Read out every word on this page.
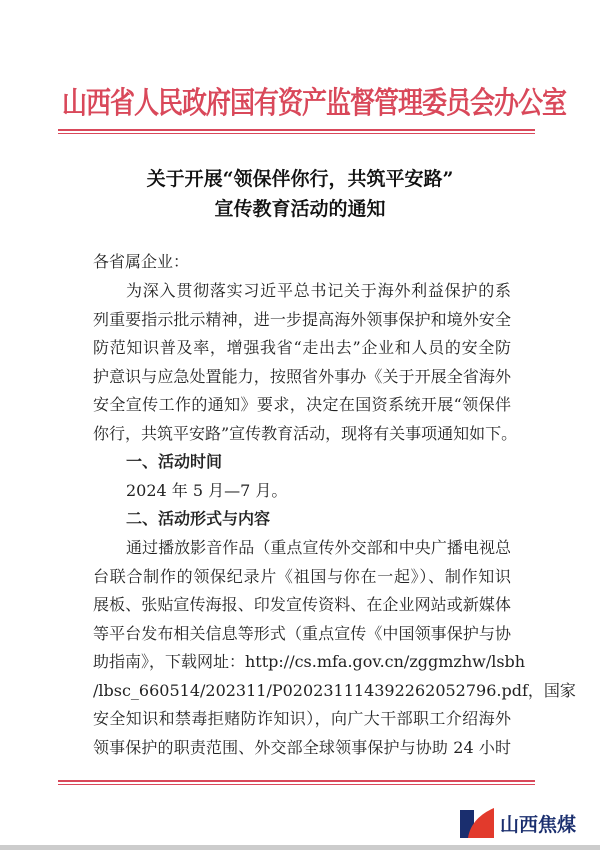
山西省人民政府国有资产监督管理委员会办公室
关于开展“领保伴你行，共筑平安路”
宣传教育活动的通知
各省属企业：
为深入贯彻落实习近平总书记关于海外利益保护的系
列重要指示批示精神，进一步提高海外领事保护和境外安全
防范知识普及率，增强我省“走出去”企业和人员的安全防
护意识与应急处置能力，按照省外事办《关于开展全省海外
安全宣传工作的通知》要求，决定在国资系统开展“领保伴
你行，共筑平安路”宣传教育活动，现将有关事项通知如下。
一、活动时间
2024 年 5 月—7 月。
二、活动形式与内容
通过播放影音作品（重点宣传外交部和中央广播电视总
台联合制作的领保纪录片《祖国与你在一起》）、制作知识
展板、张贴宣传海报、印发宣传资料、在企业网站或新媒体
等平台发布相关信息等形式（重点宣传《中国领事保护与协
助指南》，下载网址：http://cs.mfa.gov.cn/zggmzhw/lsbh
/lbsc_660514/202311/P020231114392262052796.pdf，国家
安全知识和禁毒拒赌防诈知识），向广大干部职工介绍海外
领事保护的职责范围、外交部全球领事保护与协助 24 小时
山西焦煤
